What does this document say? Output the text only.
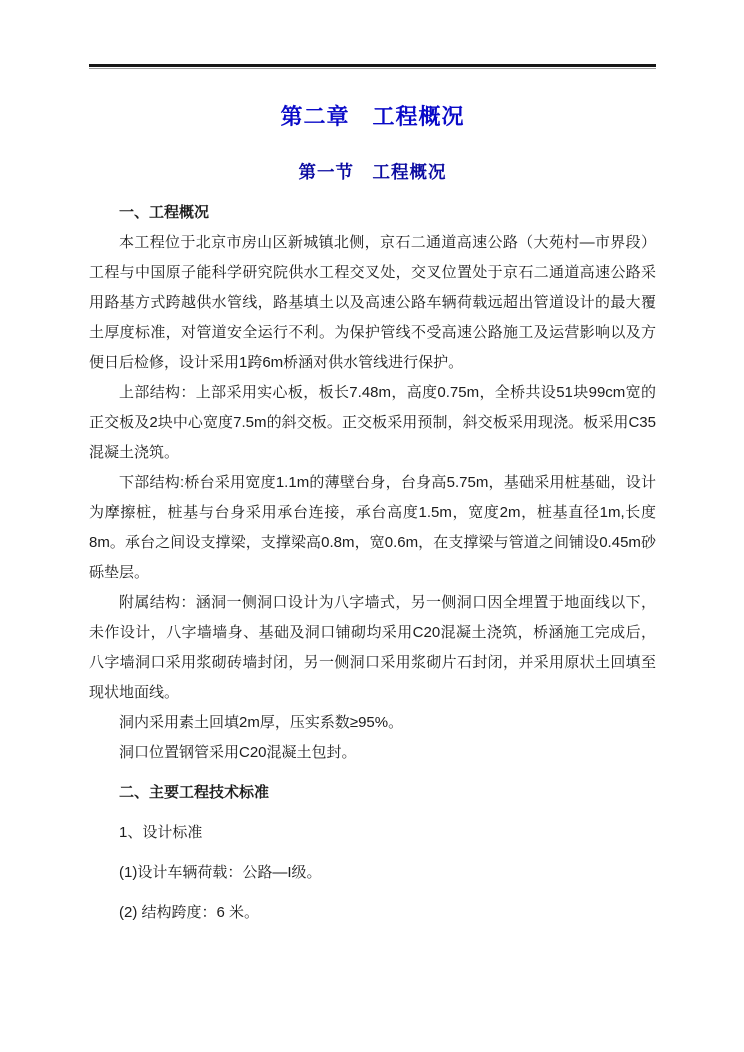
第二章　工程概况
第一节　工程概况

一、工程概况

本工程位于北京市房山区新城镇北侧，京石二通道高速公路（大苑村—市界段）工程与中国原子能科学研究院供水工程交叉处，交叉位置处于京石二通道高速公路采用路基方式跨越供水管线，路基填土以及高速公路车辆荷载远超出管道设计的最大覆土厚度标准，对管道安全运行不利。为保护管线不受高速公路施工及运营影响以及方便日后检修，设计采用1跨6m桥涵对供水管线进行保护。

上部结构：上部采用实心板，板长7.48m，高度0.75m，全桥共设51块99cm宽的正交板及2块中心宽度7.5m的斜交板。正交板采用预制，斜交板采用现浇。板采用C35混凝土浇筑。

下部结构:桥台采用宽度1.1m的薄壁台身，台身高5.75m，基础采用桩基础，设计为摩擦桩，桩基与台身采用承台连接，承台高度1.5m，宽度2m，桩基直径1m,长度8m。承台之间设支撑梁，支撑梁高0.8m，宽0.6m，在支撑梁与管道之间铺设0.45m砂砾垫层。

附属结构：涵洞一侧洞口设计为八字墙式，另一侧洞口因全埋置于地面线以下，未作设计，八字墙墙身、基础及洞口铺砌均采用C20混凝土浇筑，桥涵施工完成后，八字墙洞口采用浆砌砖墙封闭，另一侧洞口采用浆砌片石封闭，并采用原状土回填至现状地面线。

洞内采用素土回填2m厚，压实系数≥95%。

洞口位置钢管采用C20混凝土包封。

二、主要工程技术标准

1、设计标准

(1)设计车辆荷载：公路—I级。

(2) 结构跨度：6 米。
